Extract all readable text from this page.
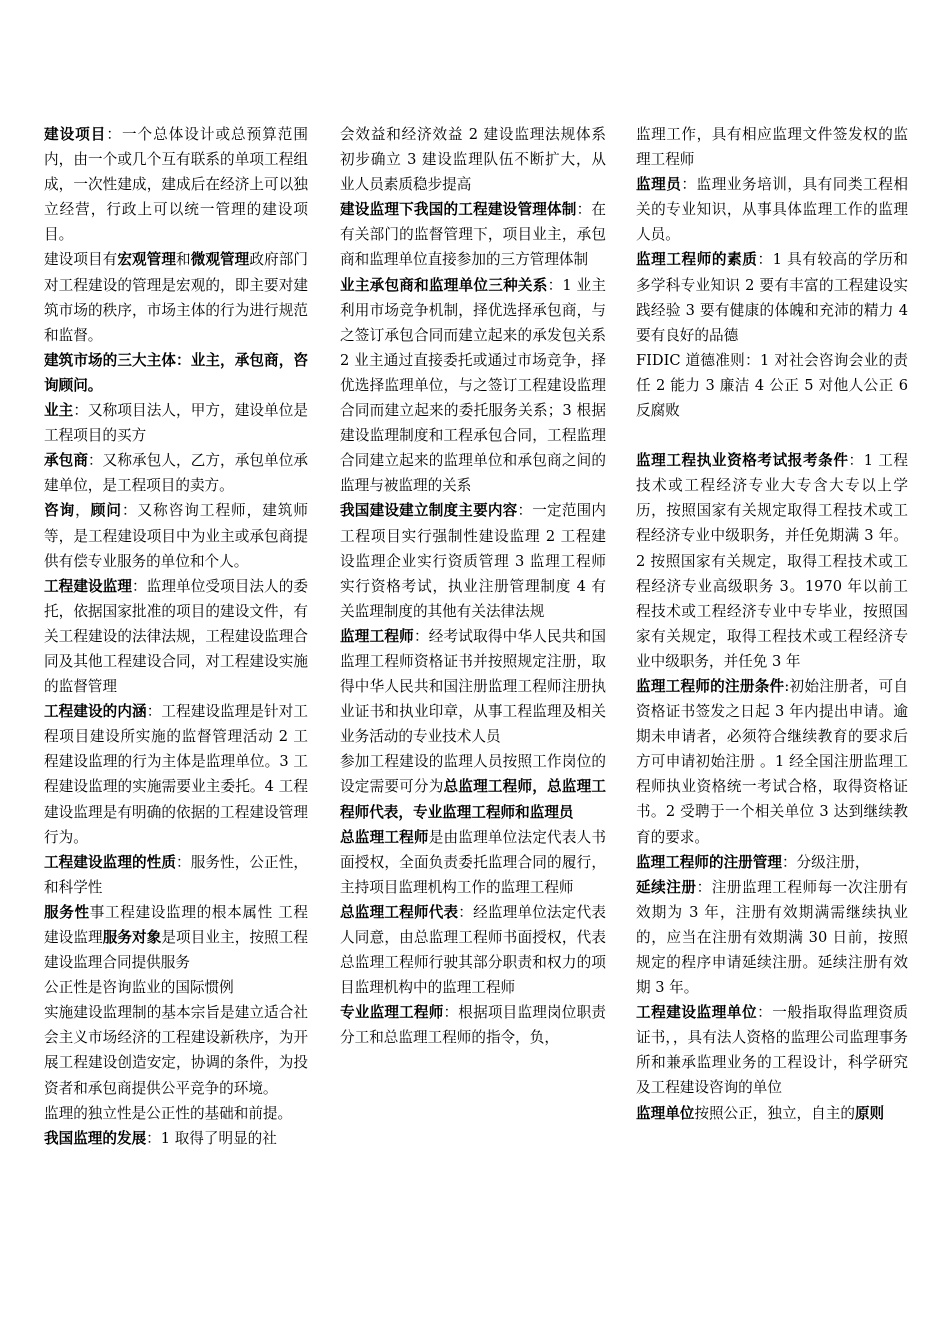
建设项目：一个总体设计或总预算范围内，由一个或几个互有联系的单项工程组成，一次性建成，建成后在经济上可以独立经营，行政上可以统一管理的建设项目。

建设项目有宏观管理和微观管理政府部门对工程建设的管理是宏观的，即主要对建筑市场的秩序，市场主体的行为进行规范和监督。

建筑市场的三大主体：业主，承包商，咨询顾问。

业主：又称项目法人，甲方，建设单位是工程项目的买方

承包商：又称承包人，乙方，承包单位承建单位，是工程项目的卖方。

咨询，顾问：又称咨询工程师，建筑师等，是工程建设项目中为业主或承包商提供有偿专业服务的单位和个人。

工程建设监理：监理单位受项目法人的委托，依据国家批准的项目的建设文件，有关工程建设的法律法规，工程建设监理合同及其他工程建设合同，对工程建设实施的监督管理

工程建设的内涵：工程建设监理是针对工程项目建设所实施的监督管理活动 2 工程建设监理的行为主体是监理单位。3 工程建设监理的实施需要业主委托。4 工程建设监理是有明确的依据的工程建设管理行为。

工程建设监理的性质：服务性，公正性，和科学性

服务性事工程建设监理的根本属性 工程建设监理服务对象是项目业主，按照工程建设监理合同提供服务

公正性是咨询监业的国际惯例

实施建设监理制的基本宗旨是建立适合社会主义市场经济的工程建设新秩序，为开展工程建设创造安定，协调的条件，为投资者和承包商提供公平竞争的环境。

监理的独立性是公正性的基础和前提。

我国监理的发展：1 取得了明显的社

会效益和经济效益 2 建设监理法规体系初步确立 3 建设监理队伍不断扩大，从业人员素质稳步提高

建设监理下我国的工程建设管理体制：在有关部门的监督管理下，项目业主，承包商和监理单位直接参加的三方管理体制

业主承包商和监理单位三种关系：1 业主利用市场竞争机制，择优选择承包商，与之签订承包合同而建立起来的承发包关系 2 业主通过直接委托或通过市场竞争，择优选择监理单位，与之签订工程建设监理合同而建立起来的委托服务关系；3 根据建设监理制度和工程承包合同，工程监理合同建立起来的监理单位和承包商之间的监理与被监理的关系

我国建设建立制度主要内容：一定范围内工程项目实行强制性建设监理 2 工程建设监理企业实行资质管理 3 监理工程师实行资格考试，执业注册管理制度 4 有关监理制度的其他有关法律法规

监理工程师：经考试取得中华人民共和国监理工程师资格证书并按照规定注册，取得中华人民共和国注册监理工程师注册执业证书和执业印章，从事工程监理及相关业务活动的专业技术人员

参加工程建设的监理人员按照工作岗位的设定需要可分为总监理工程师，总监理工程师代表，专业监理工程师和监理员

总监理工程师是由监理单位法定代表人书面授权，全面负责委托监理合同的履行，主持项目监理机构工作的监理工程师

总监理工程师代表：经监理单位法定代表人同意，由总监理工程师书面授权，代表总监理工程师行驶其部分职责和权力的项目监理机构中的监理工程师

专业监理工程师：根据项目监理岗位职责分工和总监理工程师的指令，负，

监理工作，具有相应监理文件签发权的监理工程师

监理员：监理业务培训，具有同类工程相关的专业知识，从事具体监理工作的监理人员。

监理工程师的素质：1 具有较高的学历和多学科专业知识 2 要有丰富的工程建设实践经验 3 要有健康的体魄和充沛的精力 4 要有良好的品德

FIDIC 道德准则：1 对社会咨询会业的责任 2 能力 3 廉洁 4 公正 5 对他人公正 6 反腐败

监理工程执业资格考试报考条件：1 工程技术或工程经济专业大专含大专以上学历，按照国家有关规定取得工程技术或工程经济专业中级职务，并任免期满 3 年。2 按照国家有关规定，取得工程技术或工程经济专业高级职务 3。1970 年以前工程技术或工程经济专业中专毕业，按照国家有关规定，取得工程技术或工程经济专业中级职务，并任免 3 年

监理工程师的注册条件:初始注册者，可自资格证书签发之日起 3 年内提出申请。逾期未申请者，必须符合继续教育的要求后方可申请初始注册 。1 经全国注册监理工程师执业资格统一考试合格，取得资格证书。2 受聘于一个相关单位 3 达到继续教育的要求。

监理工程师的注册管理：分级注册，

延续注册：注册监理工程师每一次注册有效期为 3 年，注册有效期满需继续执业的，应当在注册有效期满 30 日前，按照规定的程序申请延续注册。延续注册有效期 3 年。

工程建设监理单位：一般指取得监理资质证书，，具有法人资格的监理公司监理事务所和兼承监理业务的工程设计，科学研究及工程建设咨询的单位

监理单位按照公正，独立，自主的原则
